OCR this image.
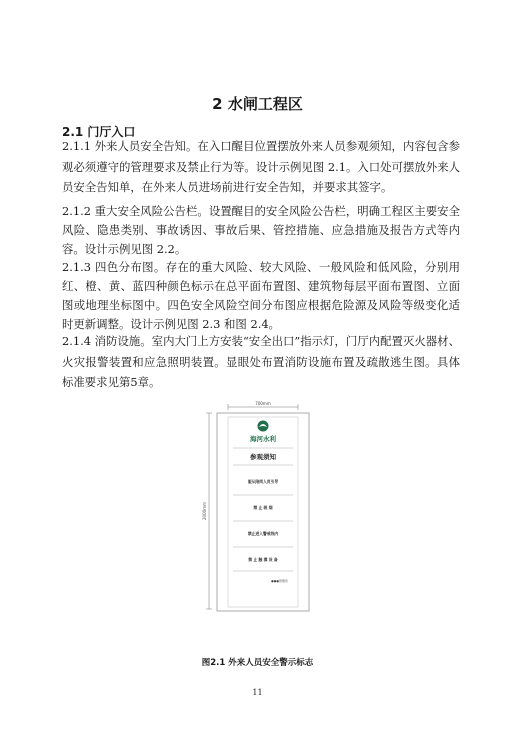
2 水闸工程区
2.1 门厅入口
2.1.1 外来人员安全告知。在入口醒目位置摆放外来人员参观须知，内容包含参观必须遵守的管理要求及禁止行为等。设计示例见图 2.1。入口处可摆放外来人员安全告知单，在外来人员进场前进行安全告知，并要求其签字。
2.1.2 重大安全风险公告栏。设置醒目的安全风险公告栏，明确工程区主要安全风险、隐患类别、事故诱因、事故后果、管控措施、应急措施及报告方式等内容。设计示例见图 2.2。
2.1.3 四色分布图。存在的重大风险、较大风险、一般风险和低风险，分别用红、橙、黄、蓝四种颜色标示在总平面布置图、建筑物每层平面布置图、立面图或地理坐标图中。四色安全风险空间分布图应根据危险源及风险等级变化适时更新调整。设计示例见图 2.3 和图 2.4。
2.1.4 消防设施。室内大门上方安装“安全出口”指示灯，门厅内配置灭火器材、火灾报警装置和应急照明装置。显眼处布置消防设施布置及疏散逃生图。具体标准要求见第5章。
700mm
2000mm
海河水利
参观须知
服从陪同人员引导
禁 止 吸 烟
禁止进入警戒线内
禁 止 触 摸 设 备
●●●管理所
图2.1 外来人员安全警示标志
11
